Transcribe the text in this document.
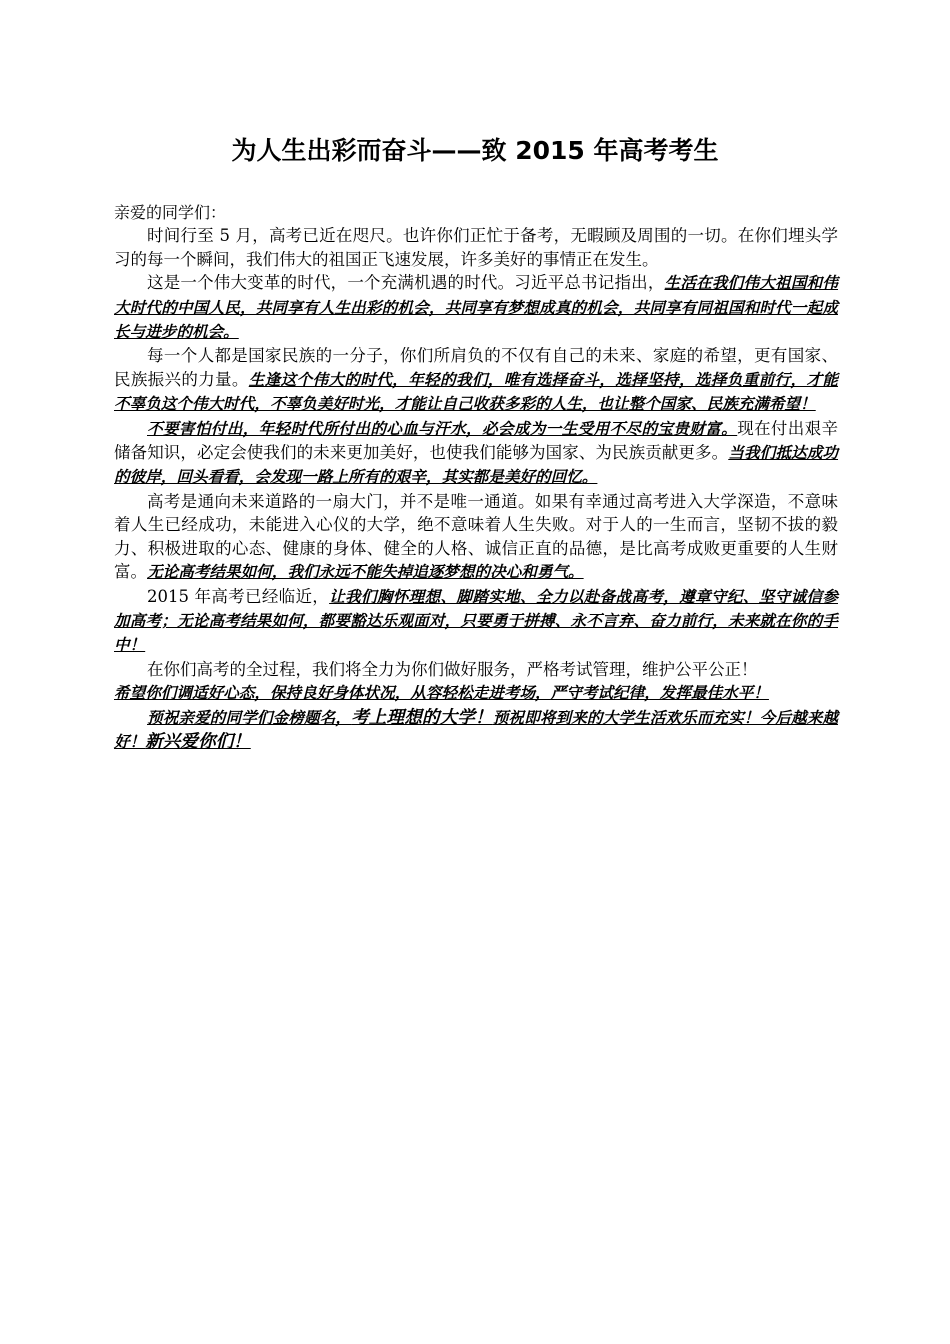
为人生出彩而奋斗——致 2015 年高考考生

亲爱的同学们：

时间行至 5 月，高考已近在咫尺。也许你们正忙于备考，无暇顾及周围的一切。在你们埋头学习的每一个瞬间，我们伟大的祖国正飞速发展，许多美好的事情正在发生。

这是一个伟大变革的时代，一个充满机遇的时代。习近平总书记指出，生活在我们伟大祖国和伟大时代的中国人民，共同享有人生出彩的机会，共同享有梦想成真的机会，共同享有同祖国和时代一起成长与进步的机会。

每一个人都是国家民族的一分子，你们所肩负的不仅有自己的未来、家庭的希望，更有国家、民族振兴的力量。生逢这个伟大的时代，年轻的我们，唯有选择奋斗，选择坚持，选择负重前行，才能不辜负这个伟大时代，不辜负美好时光，才能让自己收获多彩的人生，也让整个国家、民族充满希望！

不要害怕付出，年轻时代所付出的心血与汗水，必会成为一生受用不尽的宝贵财富。现在付出艰辛储备知识，必定会使我们的未来更加美好，也使我们能够为国家、为民族贡献更多。当我们抵达成功的彼岸，回头看看，会发现一路上所有的艰辛，其实都是美好的回忆。

高考是通向未来道路的一扇大门，并不是唯一通道。如果有幸通过高考进入大学深造，不意味着人生已经成功，未能进入心仪的大学，绝不意味着人生失败。对于人的一生而言，坚韧不拔的毅力、积极进取的心态、健康的身体、健全的人格、诚信正直的品德，是比高考成败更重要的人生财富。无论高考结果如何，我们永远不能失掉追逐梦想的决心和勇气。

2015 年高考已经临近，让我们胸怀理想、脚踏实地、全力以赴备战高考，遵章守纪、坚守诚信参加高考；无论高考结果如何，都要豁达乐观面对，只要勇于拼搏、永不言弃、奋力前行，未来就在你的手中！

在你们高考的全过程，我们将全力为你们做好服务，严格考试管理，维护公平公正！

希望你们调适好心态，保持良好身体状况，从容轻松走进考场，严守考试纪律，发挥最佳水平！

预祝亲爱的同学们金榜题名，考上理想的大学！预祝即将到来的大学生活欢乐而充实！今后越来越好！新兴爱你们！
